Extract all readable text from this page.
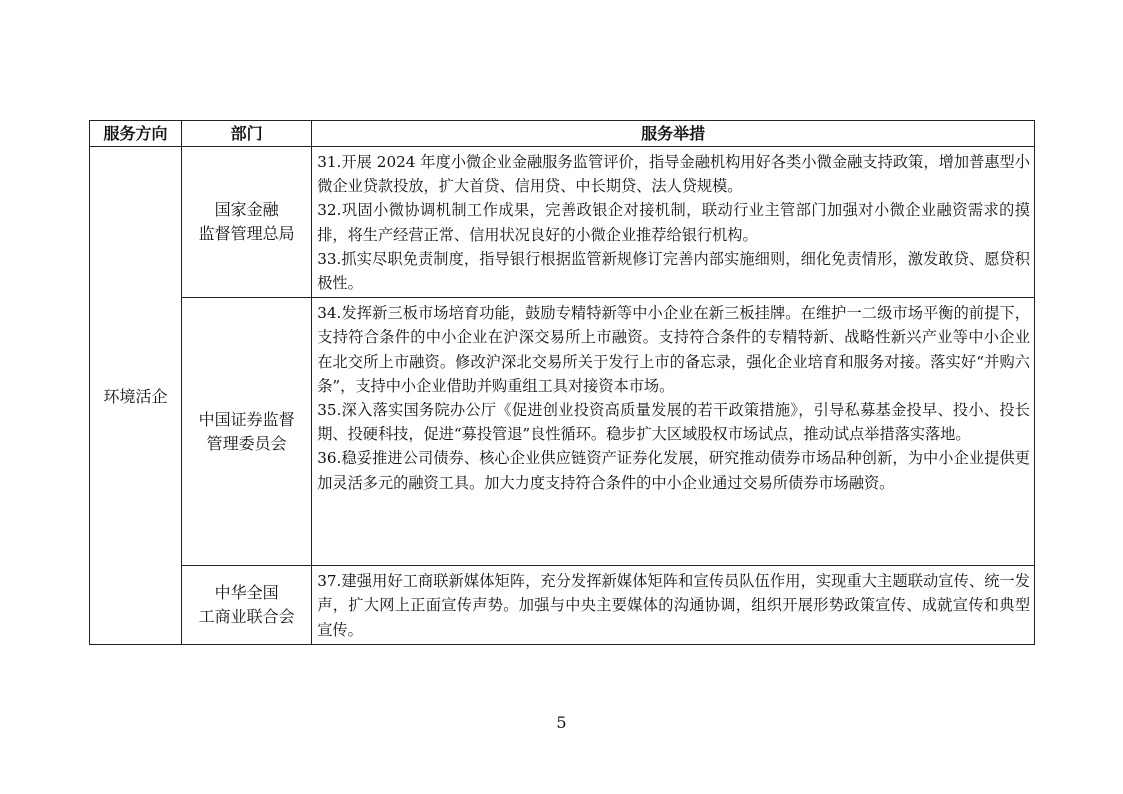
服务方向	部门	服务举措
环境活企	国家金融
监督管理总局	31.开展 2024 年度小微企业金融服务监管评价，指导金融机构用好各类小微金融支持政策，增加普惠型小微企业贷款投放，扩大首贷、信用贷、中长期贷、法人贷规模。
32.巩固小微协调机制工作成果，完善政银企对接机制，联动行业主管部门加强对小微企业融资需求的摸排，将生产经营正常、信用状况良好的小微企业推荐给银行机构。
33.抓实尽职免责制度，指导银行根据监管新规修订完善内部实施细则，细化免责情形，激发敢贷、愿贷积极性。

	中国证券监督
管理委员会	34.发挥新三板市场培育功能，鼓励专精特新等中小企业在新三板挂牌。在维护一二级市场平衡的前提下，支持符合条件的中小企业在沪深交易所上市融资。支持符合条件的专精特新、战略性新兴产业等中小企业在北交所上市融资。修改沪深北交易所关于发行上市的备忘录，强化企业培育和服务对接。落实好“并购六条”，支持中小企业借助并购重组工具对接资本市场。
35.深入落实国务院办公厅《促进创业投资高质量发展的若干政策措施》，引导私募基金投早、投小、投长期、投硬科技，促进“募投管退”良性循环。稳步扩大区域股权市场试点，推动试点举措落实落地。
36.稳妥推进公司债券、核心企业供应链资产证券化发展，研究推动债券市场品种创新，为中小企业提供更加灵活多元的融资工具。加大力度支持符合条件的中小企业通过交易所债券市场融资。

	中华全国
工商业联合会	37.建强用好工商联新媒体矩阵，充分发挥新媒体矩阵和宣传员队伍作用，实现重大主题联动宣传、统一发声，扩大网上正面宣传声势。加强与中央主要媒体的沟通协调，组织开展形势政策宣传、成就宣传和典型宣传。
5
